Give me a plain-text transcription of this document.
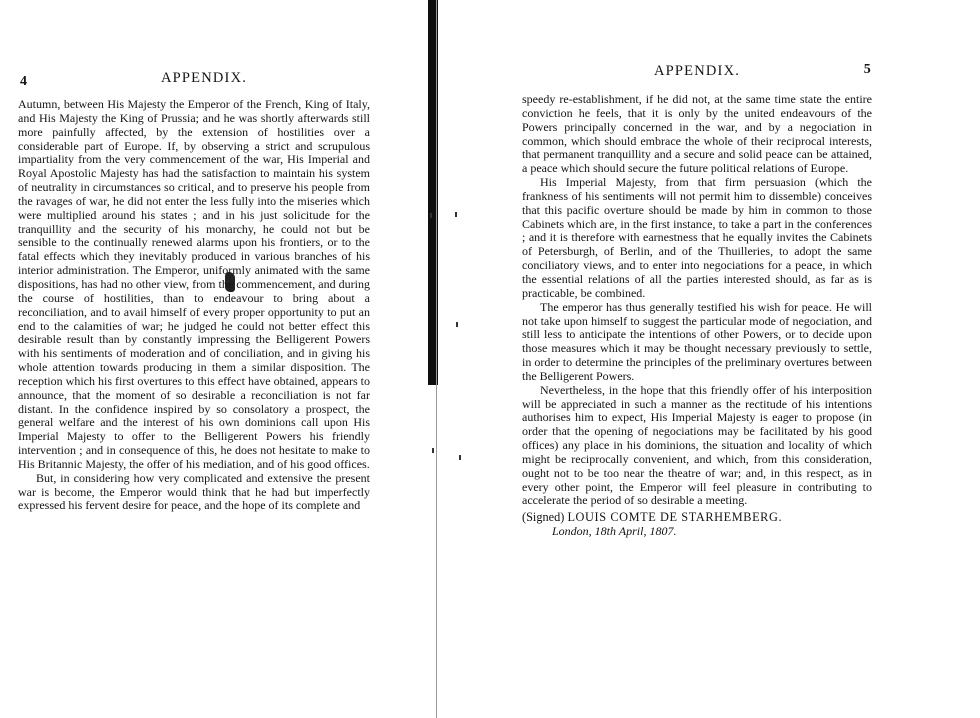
4	APPENDIX.

Autumn, between His Majesty the Emperor of the French, King of Italy, and His Majesty the King of Prussia; and he was shortly afterwards still more painfully affected, by the extension of hostilities over a considerable part of Europe. If, by observing a strict and scrupulous impartiality from the very commencement of the war, His Imperial and Royal Apostolic Majesty has had the satisfaction to maintain his system of neutrality in circumstances so critical, and to preserve his people from the ravages of war, he did not enter the less fully into the miseries which were multiplied around his states ; and in his just solicitude for the tranquillity and the security of his monarchy, he could not but be sensible to the continually renewed alarms upon his frontiers, or to the fatal effects which they inevitably produced in various branches of his interior administration. The Emperor, uniformly animated with the same dispositions, has had no other view, from the commencement, and during the course of hostilities, than to endeavour to bring about a reconciliation, and to avail himself of every proper opportunity to put an end to the calamities of war; he judged he could not better effect this desirable result than by constantly impressing the Belligerent Powers with his sentiments of moderation and of conciliation, and in giving his whole attention towards producing in them a similar disposition. The reception which his first overtures to this effect have obtained, appears to announce, that the moment of so desirable a reconciliation is not far distant. In the confidence inspired by so consolatory a prospect, the general welfare and the interest of his own dominions call upon His Imperial Majesty to offer to the Belligerent Powers his friendly intervention ; and in consequence of this, he does not hesitate to make to His Britannic Majesty, the offer of his mediation, and of his good offices.

But, in considering how very complicated and extensive the present war is become, the Emperor would think that he had but imperfectly expressed his fervent desire for peace, and the hope of its complete and

APPENDIX.	5

speedy re-establishment, if he did not, at the same time state the entire conviction he feels, that it is only by the united endeavours of the Powers principally concerned in the war, and by a negociation in common, which should embrace the whole of their reciprocal interests, that permanent tranquillity and a secure and solid peace can be attained, a peace which should secure the future political relations of Europe.

His Imperial Majesty, from that firm persuasion (which the frankness of his sentiments will not permit him to dissemble) conceives that this pacific overture should be made by him in common to those Cabinets which are, in the first instance, to take a part in the conferences ; and it is therefore with earnestness that he equally invites the Cabinets of Petersburgh, of Berlin, and of the Thuilleries, to adopt the same conciliatory views, and to enter into negociations for a peace, in which the essential relations of all the parties interested should, as far as is practicable, be combined.

The emperor has thus generally testified his wish for peace. He will not take upon himself to suggest the particular mode of negociation, and still less to anticipate the intentions of other Powers, or to decide upon those measures which it may be thought necessary previously to settle, in order to determine the principles of the preliminary overtures between the Belligerent Powers.

Nevertheless, in the hope that this friendly offer of his interposition will be appreciated in such a manner as the rectitude of his intentions authorises him to expect, His Imperial Majesty is eager to propose (in order that the opening of negociations may be facilitated by his good offices) any place in his dominions, the situation and locality of which might be reciprocally convenient, and which, from this consideration, ought not to be too near the theatre of war; and, in this respect, as in every other point, the Emperor will feel pleasure in contributing to accelerate the period of so desirable a meeting.

(Signed) LOUIS COMTE DE STARHEMBERG.
London, 18th April, 1807.
